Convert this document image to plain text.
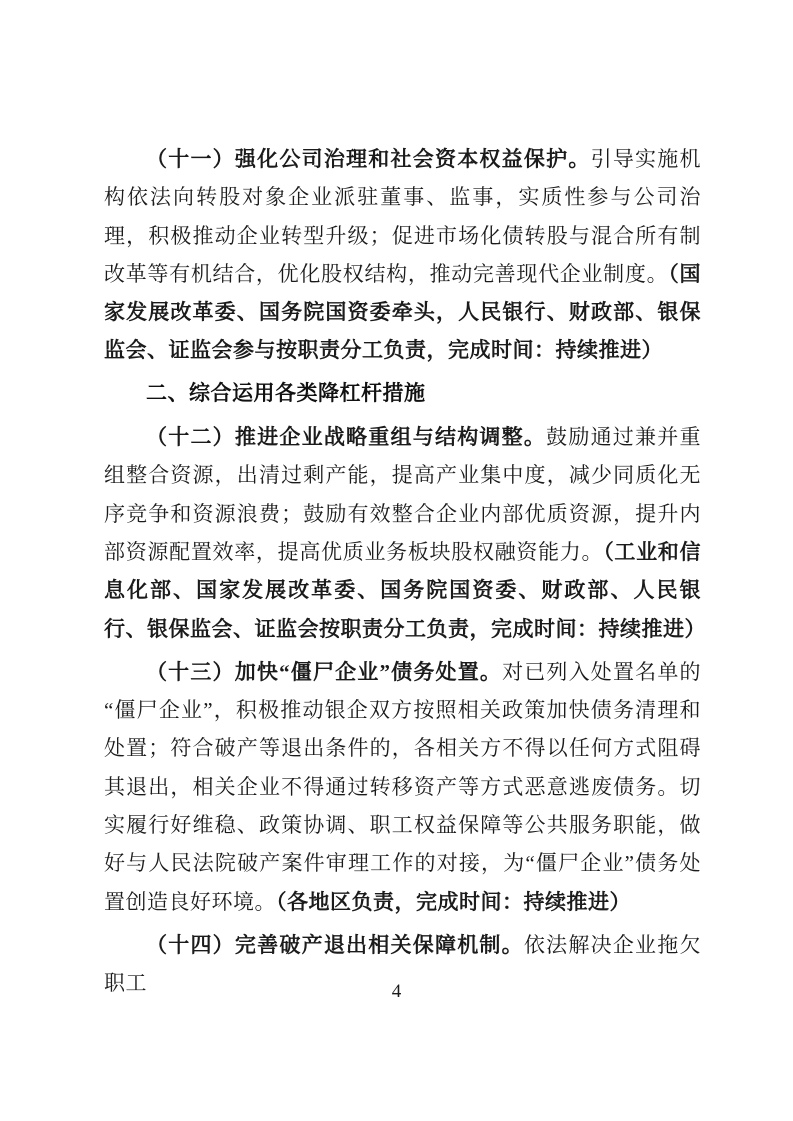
（十一）强化公司治理和社会资本权益保护。引导实施机构依法向转股对象企业派驻董事、监事，实质性参与公司治理，积极推动企业转型升级；促进市场化债转股与混合所有制改革等有机结合，优化股权结构，推动完善现代企业制度。（国家发展改革委、国务院国资委牵头，人民银行、财政部、银保监会、证监会参与按职责分工负责，完成时间：持续推进）

二、综合运用各类降杠杆措施

（十二）推进企业战略重组与结构调整。鼓励通过兼并重组整合资源，出清过剩产能，提高产业集中度，减少同质化无序竞争和资源浪费；鼓励有效整合企业内部优质资源，提升内部资源配置效率，提高优质业务板块股权融资能力。（工业和信息化部、国家发展改革委、国务院国资委、财政部、人民银行、银保监会、证监会按职责分工负责，完成时间：持续推进）

（十三）加快“僵尸企业”债务处置。对已列入处置名单的“僵尸企业”，积极推动银企双方按照相关政策加快债务清理和处置；符合破产等退出条件的，各相关方不得以任何方式阻碍其退出，相关企业不得通过转移资产等方式恶意逃废债务。切实履行好维稳、政策协调、职工权益保障等公共服务职能，做好与人民法院破产案件审理工作的对接，为“僵尸企业”债务处置创造良好环境。（各地区负责，完成时间：持续推进）

（十四）完善破产退出相关保障机制。依法解决企业拖欠职工	4
